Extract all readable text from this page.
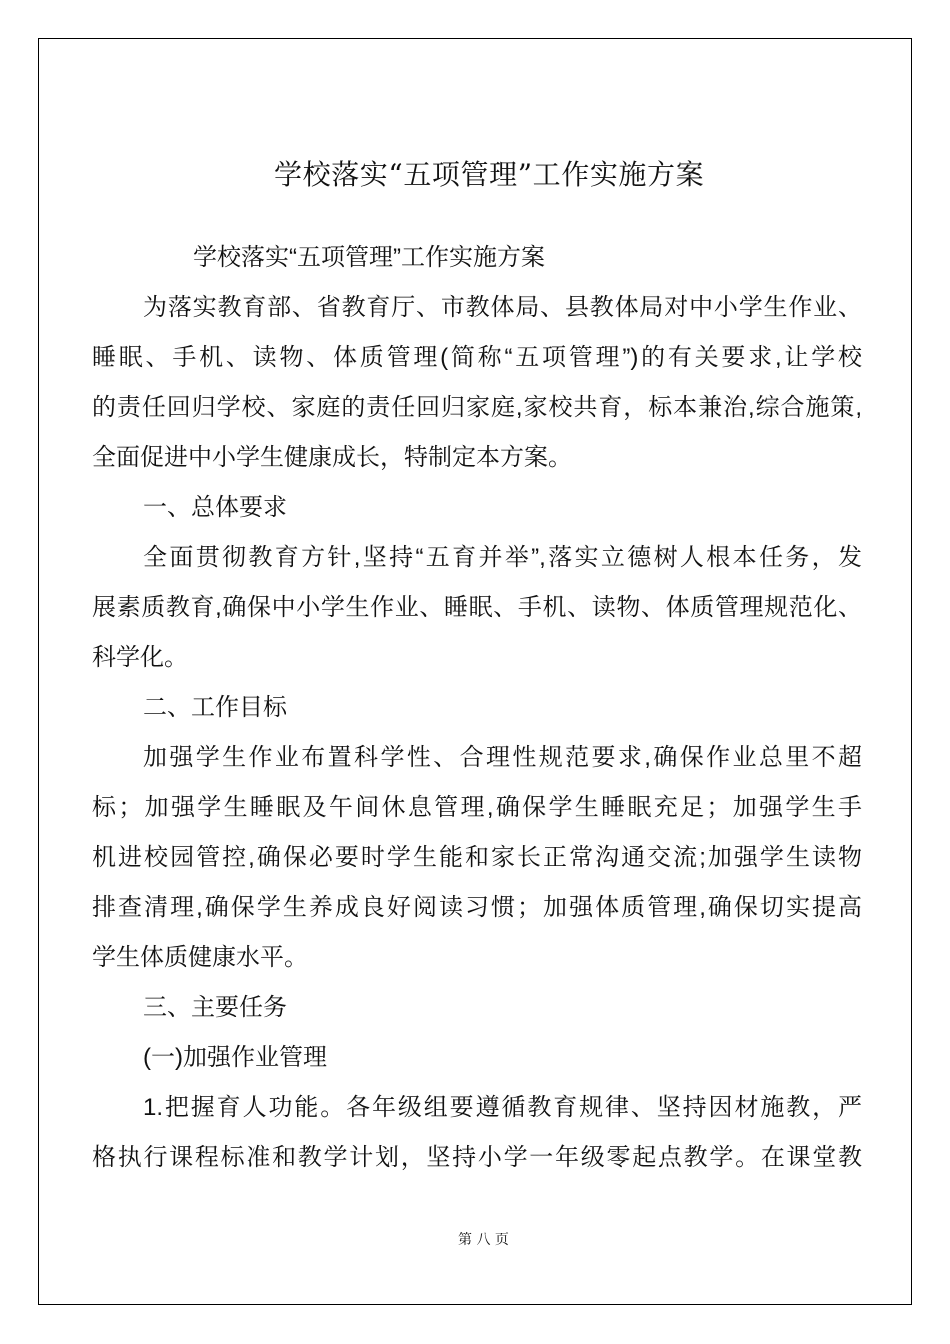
学校落实“五项管理”工作实施方案
学校落实“五项管理”工作实施方案
为落实教育部、省教育厅、市教体局、县教体局对中小学生作业、
睡眠、手机、读物、体质管理(简称“五项管理”)的有关要求,让学校
的责任回归学校、家庭的责任回归家庭,家校共育，标本兼治,综合施策,
全面促进中小学生健康成长，特制定本方案。
一、总体要求
全面贯彻教育方针,坚持“五育并举”,落实立德树人根本任务，发
展素质教育,确保中小学生作业、睡眠、手机、读物、体质管理规范化、
科学化。
二、工作目标
加强学生作业布置科学性、合理性规范要求,确保作业总里不超
标；加强学生睡眠及午间休息管理,确保学生睡眠充足；加强学生手
机进校园管控,确保必要时学生能和家长正常沟通交流;加强学生读物
排查清理,确保学生养成良好阅读习惯；加强体质管理,确保切实提高
学生体质健康水平。
三、主要任务
(一)加强作业管理
1.把握育人功能。各年级组要遵循教育规律、坚持因材施教，严
格执行课程标准和教学计划，坚持小学一年级零起点教学。在课堂教
第 八 页
